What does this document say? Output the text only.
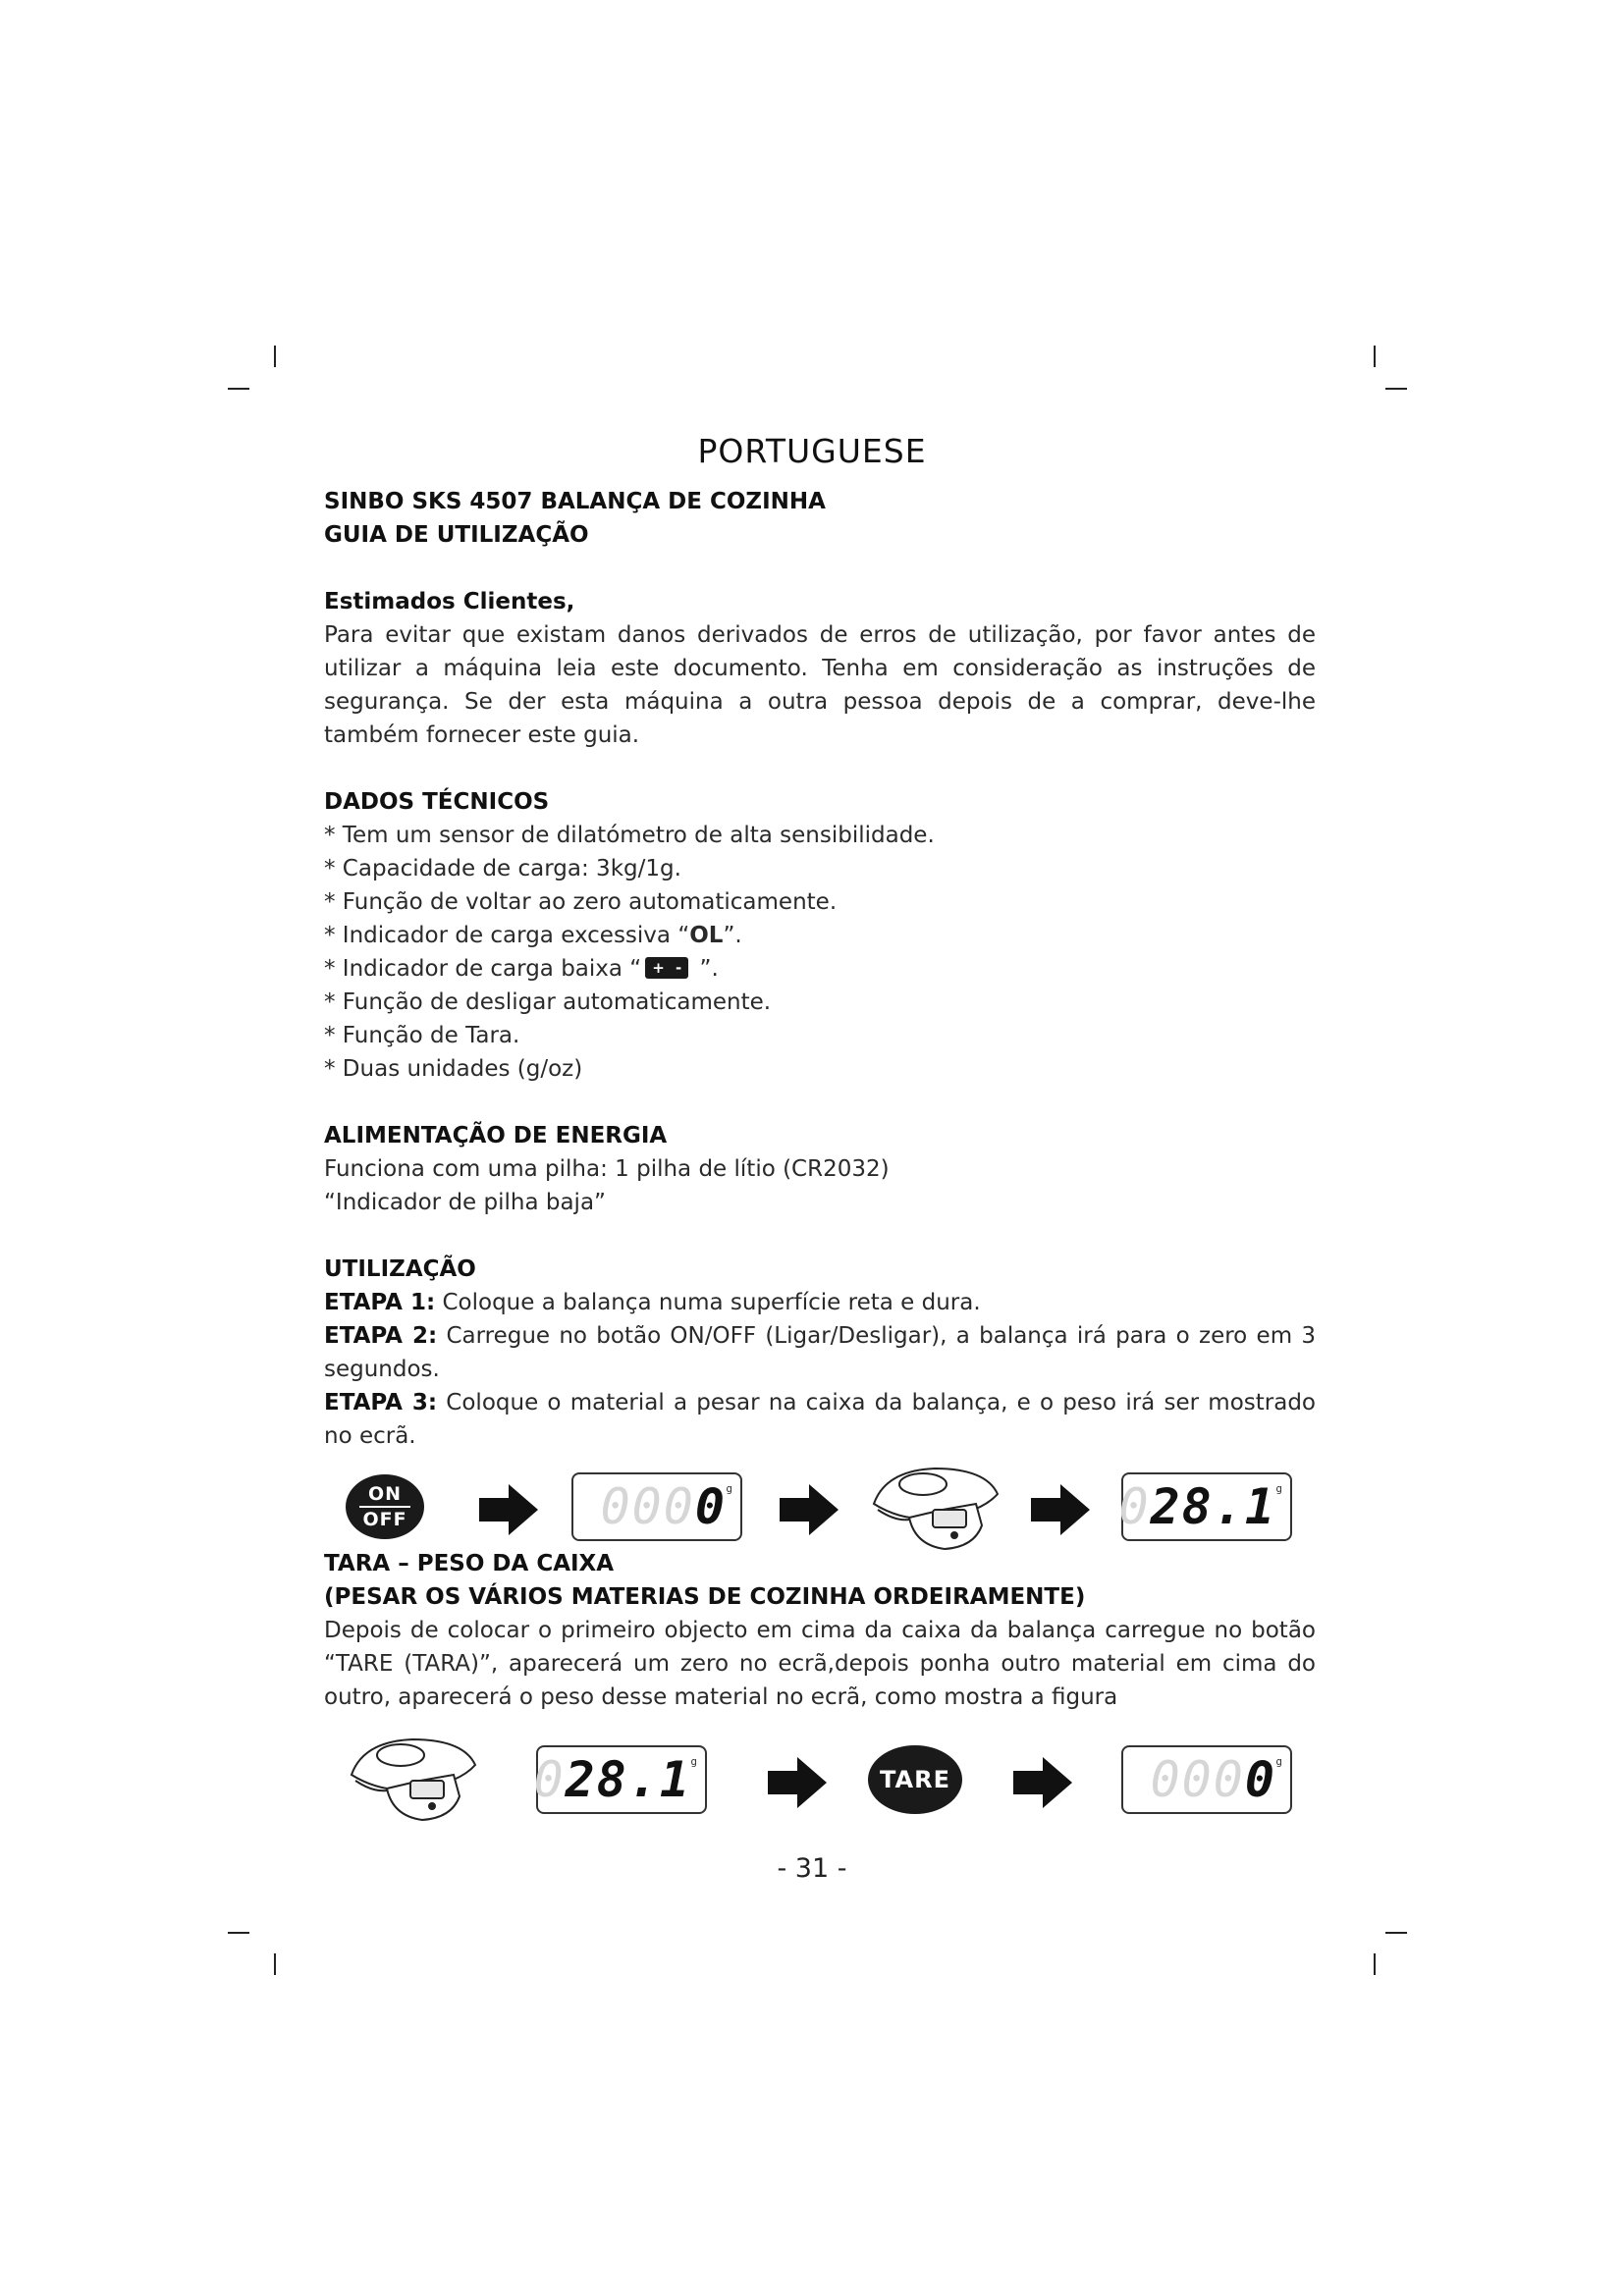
PORTUGUESE
SINBO SKS 4507 BALANÇA DE COZINHA
GUIA DE UTILIZAÇÃO
Estimados Clientes,
Para evitar que existam danos derivados de erros de utilização, por favor antes de utilizar a máquina leia este documento. Tenha em consideração as instruções de segurança. Se der esta máquina a outra pessoa depois de a comprar, deve-lhe também fornecer este guia.
DADOS TÉCNICOS
* Tem um sensor de dilatómetro de alta sensibilidade.
* Capacidade de carga: 3kg/1g.
* Função de voltar ao zero automaticamente.
* Indicador de carga excessiva “OL”.
* Indicador de carga baixa “ + - ”.
* Função de desligar automaticamente.
* Função de Tara.
* Duas unidades (g/oz)
ALIMENTAÇÃO DE ENERGIA
Funciona com uma pilha: 1 pilha de lítio (CR2032)
“Indicador de pilha baja”
UTILIZAÇÃO
ETAPA 1: Coloque a balança numa superfície reta e dura.
ETAPA 2: Carregue no botão ON/OFF (Ligar/Desligar), a balança irá para o zero em 3 segundos.
ETAPA 3: Coloque o material a pesar na caixa da balança, e o peso irá ser mostrado no ecrã.
ON
OFF	000 0 g	0 28.1 g
TARA – PESO DA CAIXA
(PESAR OS VÁRIOS MATERIAS DE COZINHA ORDEIRAMENTE)
Depois de colocar o primeiro objecto em cima da caixa da balança carregue no botão “TARE (TARA)”, aparecerá um zero no ecrã,depois ponha outro material em cima do outro, aparecerá o peso desse material no ecrã, como mostra a figura
0 28.1 g
TARE	000 0 g
- 31 -
